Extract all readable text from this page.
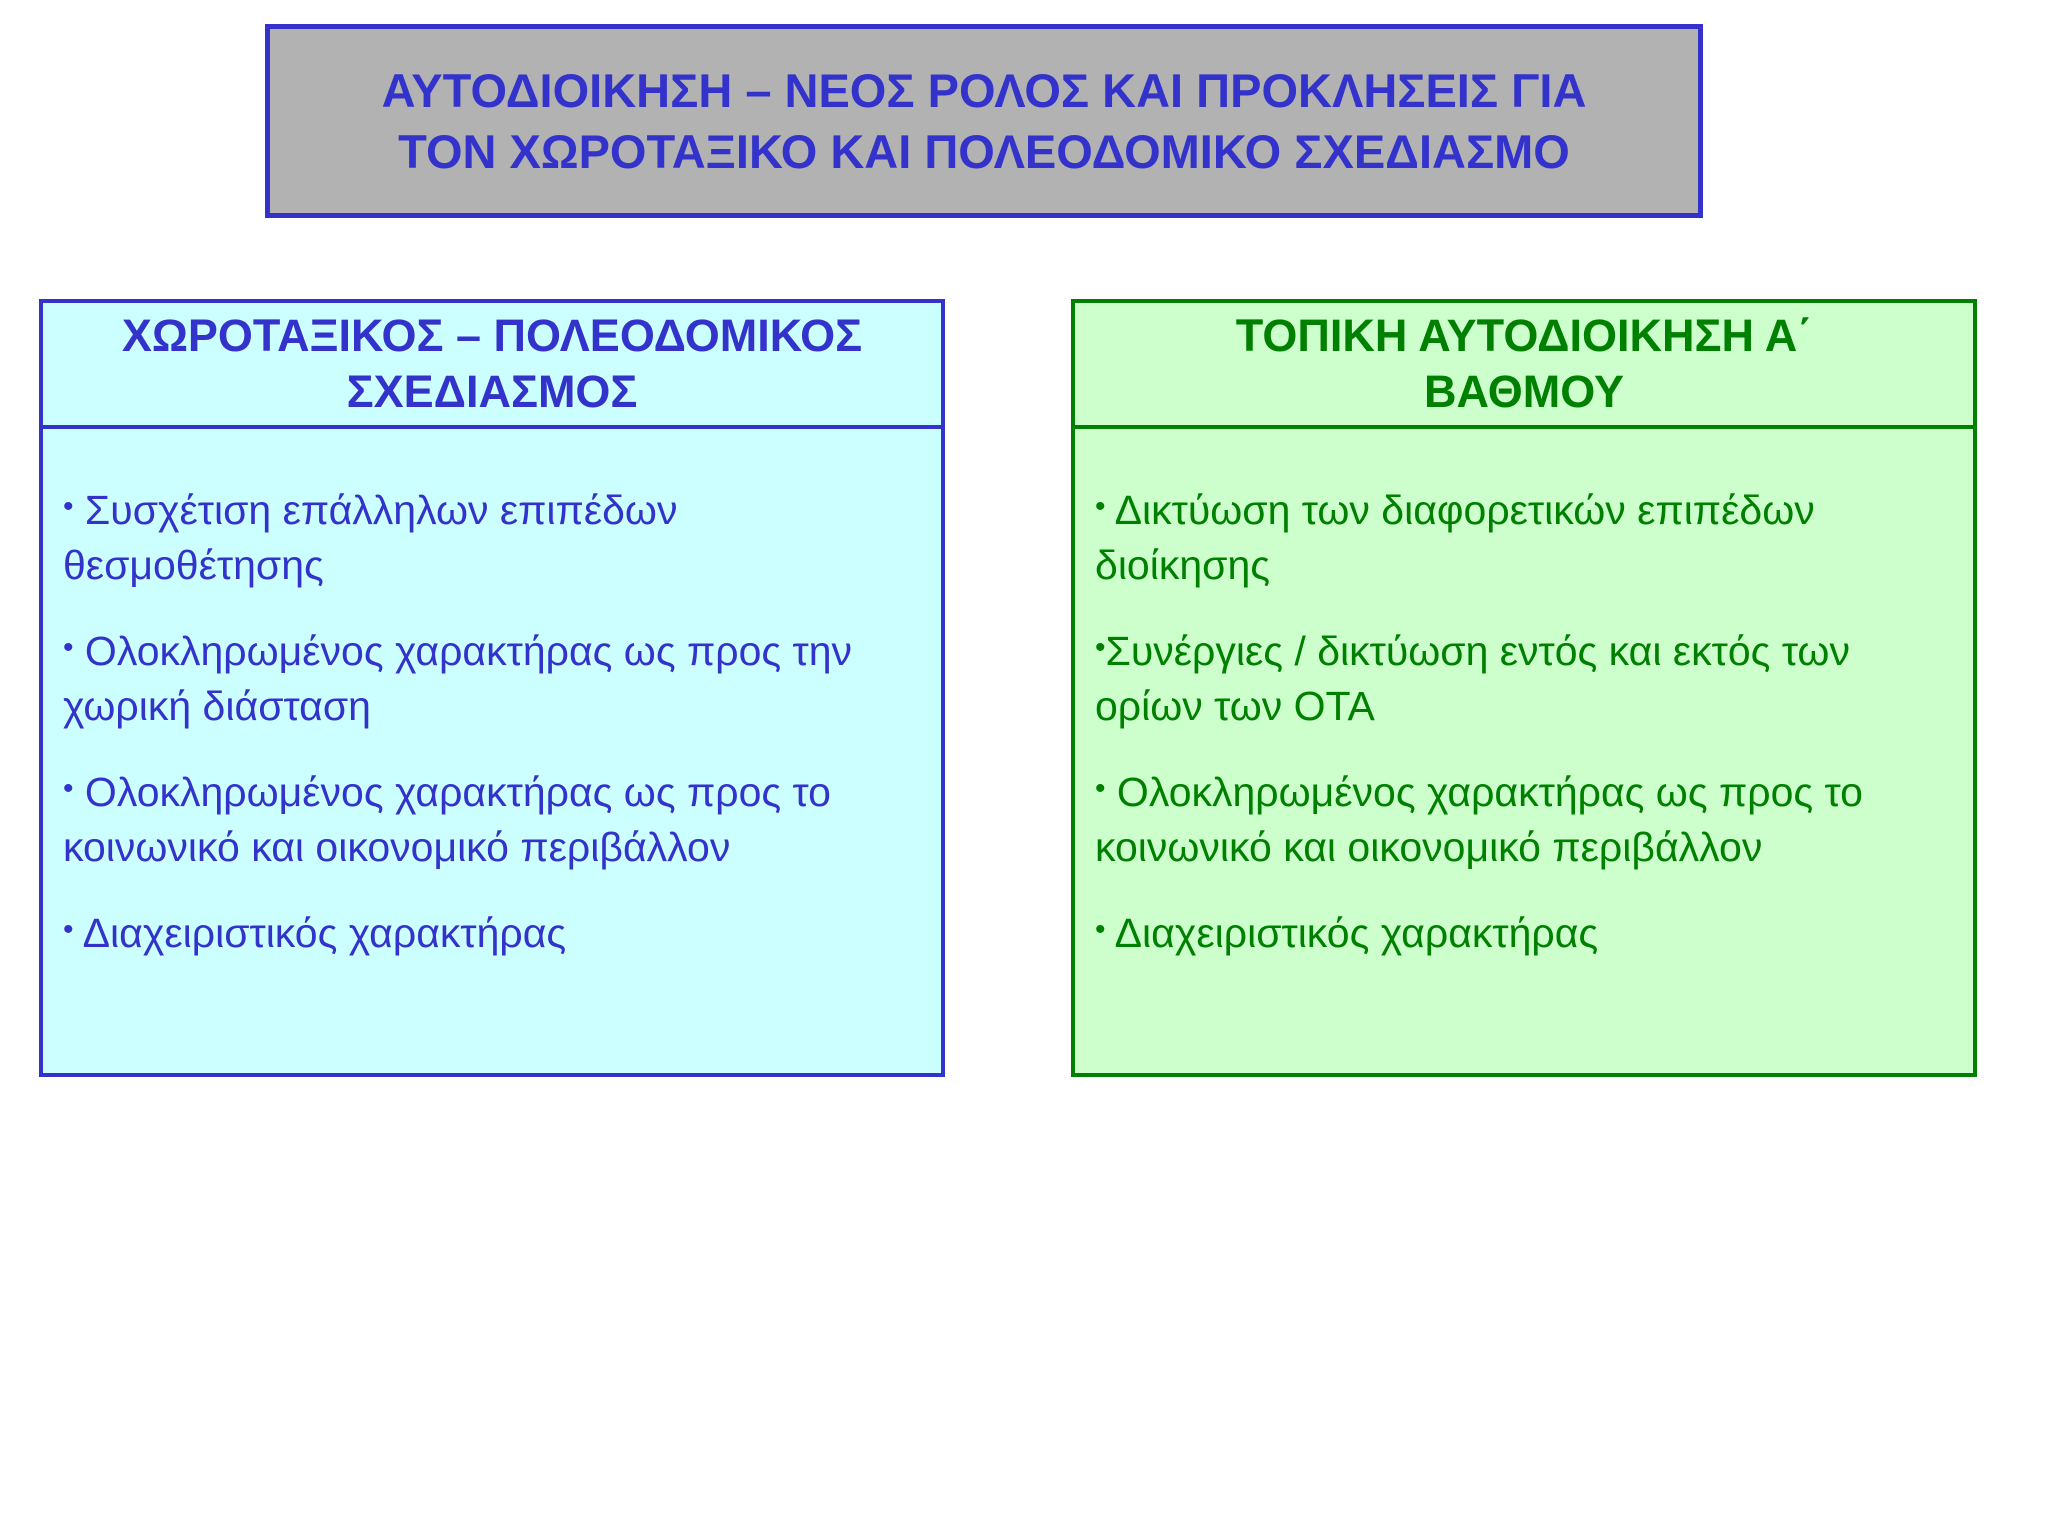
ΑΥΤΟΔΙΟΙΚΗΣΗ – ΝΕΟΣ ΡΟΛΟΣ ΚΑΙ ΠΡΟΚΛΗΣΕΙΣ ΓΙΑ
ΤΟΝ ΧΩΡΟΤΑΞΙΚΟ ΚΑΙ ΠΟΛΕΟΔΟΜΙΚΟ ΣΧΕΔΙΑΣΜΟ
ΧΩΡΟΤΑΞΙΚΟΣ – ΠΟΛΕΟΔΟΜΙΚΟΣ
ΣΧΕΔΙΑΣΜΟΣ
• Συσχέτιση επάλληλων επιπέδων θεσμοθέτησης
• Ολοκληρωμένος χαρακτήρας ως προς την χωρική διάσταση
• Ολοκληρωμένος χαρακτήρας ως προς το κοινωνικό και οικονομικό περιβάλλον
• Διαχειριστικός χαρακτήρας
ΤΟΠΙΚΗ ΑΥΤΟΔΙΟΙΚΗΣΗ Α΄
ΒΑΘΜΟΥ
• Δικτύωση των διαφορετικών επιπέδων διοίκησης
•Συνέργιες / δικτύωση εντός και εκτός των ορίων των ΟΤΑ
• Ολοκληρωμένος χαρακτήρας ως προς το κοινωνικό και οικονομικό περιβάλλον
• Διαχειριστικός χαρακτήρας
